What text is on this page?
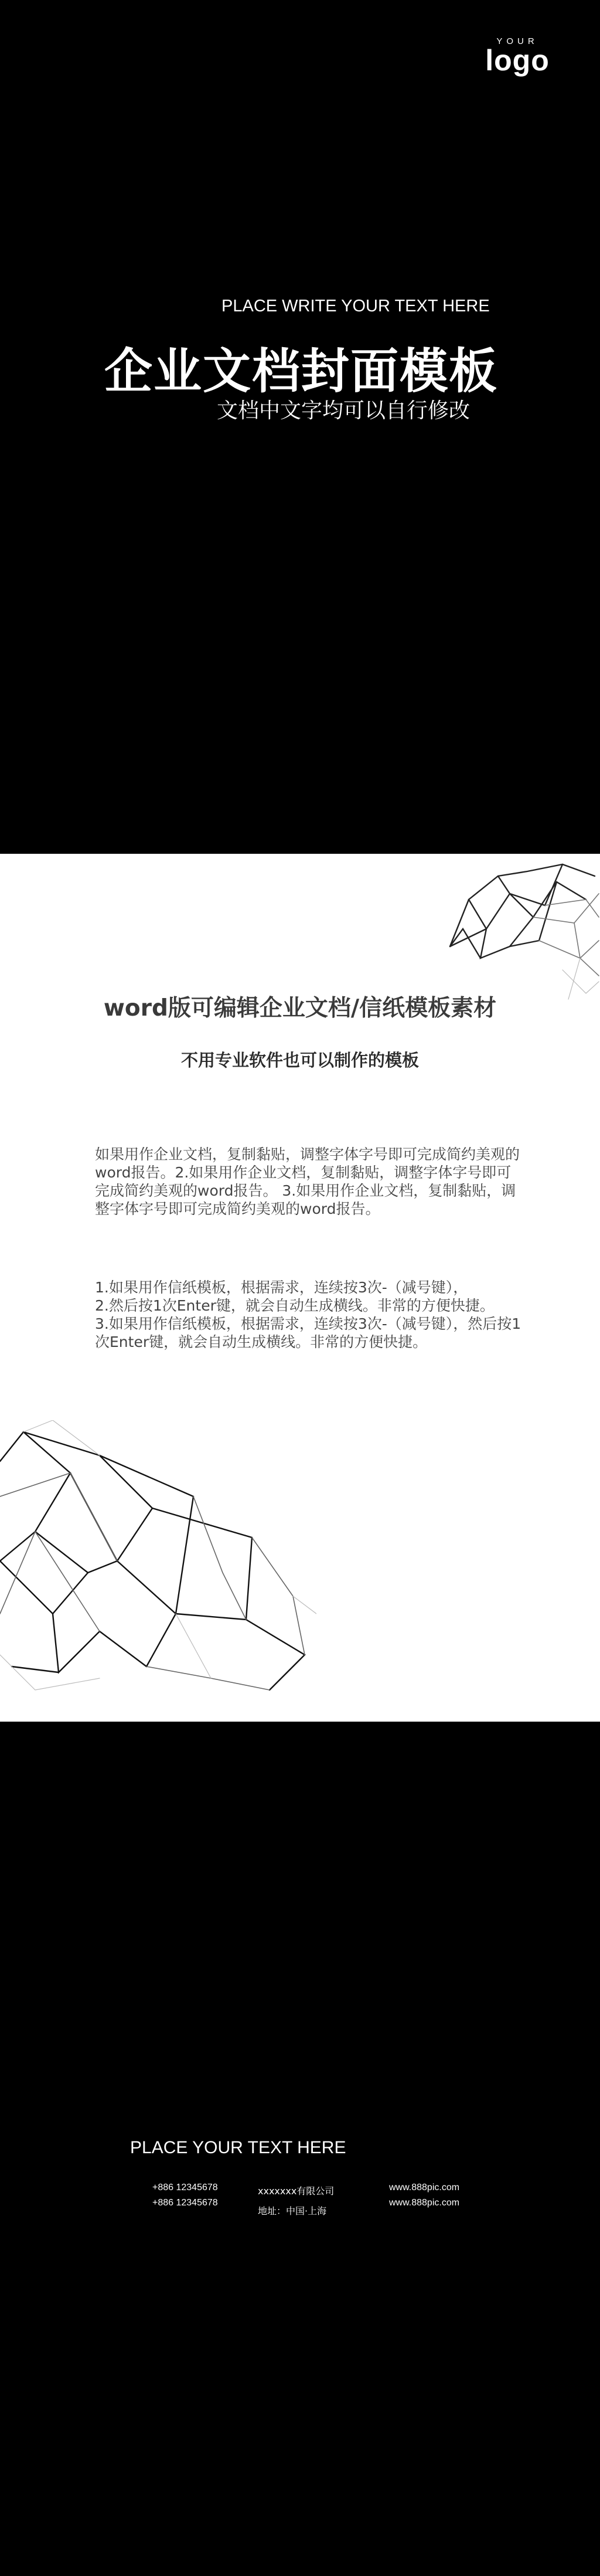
YOUR
logo
PLACE WRITE YOUR TEXT HERE
企业文档封面模板
文档中文字均可以自行修改
word版可编辑企业文档/信纸模板素材
不用专业软件也可以制作的模板

如果用作企业文档，复制黏贴，调整字体字号即可完成简约美观的word报告。2.如果用作企业文档，复制黏贴，调整字体字号即可完成简约美观的word报告。 3.如果用作企业文档，复制黏贴，调整字体字号即可完成简约美观的word报告。

1.如果用作信纸模板，根据需求，连续按3次-（减号键），
2.然后按1次Enter键，就会自动生成横线。非常的方便快捷。
3.如果用作信纸模板，根据需求，连续按3次-（减号键），然后按1次Enter键，就会自动生成横线。非常的方便快捷。
PLACE YOUR TEXT HERE
+886 12345678
+886 12345678
xxxxxxx有限公司
地址：中国·上海
www.888pic.com
www.888pic.com
